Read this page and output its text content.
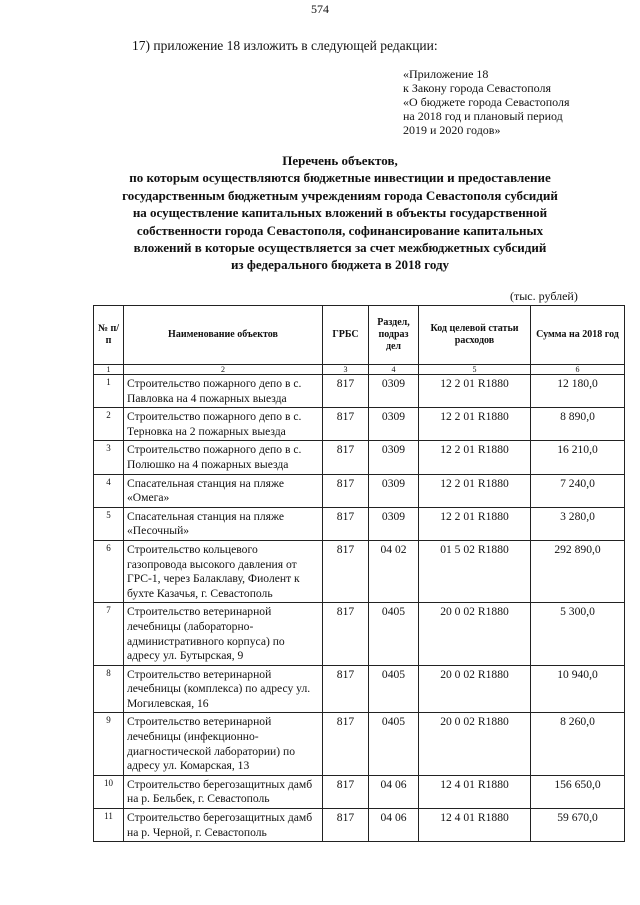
574
17) приложение 18 изложить в следующей редакции:
«Приложение 18
к Закону города Севастополя
«О бюджете города Севастополя
на 2018 год и плановый период
2019 и 2020 годов»
Перечень объектов,
по которым осуществляются бюджетные инвестиции и предоставление
государственным бюджетным учреждениям города Севастополя субсидий
на осуществление капитальных вложений в объекты государственной
собственности города Севастополя, софинансирование капитальных
вложений в которые осуществляется за счет межбюджетных субсидий
из федерального бюджета в 2018 году
(тыс. рублей)
№ п/п	Наименование объектов	ГРБС	Раздел, подраз дел	Код целевой статьи расходов	Сумма на 2018 год
1	2	3	4	5	6
1	Строительство пожарного депо в с. Павловка на 4 пожарных выезда	817	0309	12 2 01 R1880	12 180,0
2	Строительство пожарного депо в с. Терновка на 2 пожарных выезда	817	0309	12 2 01 R1880	8 890,0
3	Строительство пожарного депо в с. Полюшко на 4 пожарных выезда	817	0309	12 2 01 R1880	16 210,0
4	Спасательная станция на пляже «Омега»	817	0309	12 2 01 R1880	7 240,0
5	Спасательная станция на пляже «Песочный»	817	0309	12 2 01 R1880	3 280,0
6	Строительство кольцевого газопровода высокого давления от ГРС-1, через Балаклаву, Фиолент к бухте Казачья, г. Севастополь	817	04 02	01 5 02 R1880	292 890,0
7	Строительство ветеринарной лечебницы (лабораторно-административного корпуса) по адресу ул. Бутырская, 9	817	0405	20 0 02 R1880	5 300,0
8	Строительство ветеринарной лечебницы (комплекса) по адресу ул. Могилевская, 16	817	0405	20 0 02 R1880	10 940,0
9	Строительство ветеринарной лечебницы (инфекционно-диагностической лаборатории) по адресу ул. Комарская, 13	817	0405	20 0 02 R1880	8 260,0
10	Строительство берегозащитных дамб на р. Бельбек, г. Севастополь	817	04 06	12 4 01 R1880	156 650,0
11	Строительство берегозащитных дамб на р. Черной, г. Севастополь	817	04 06	12 4 01 R1880	59 670,0
